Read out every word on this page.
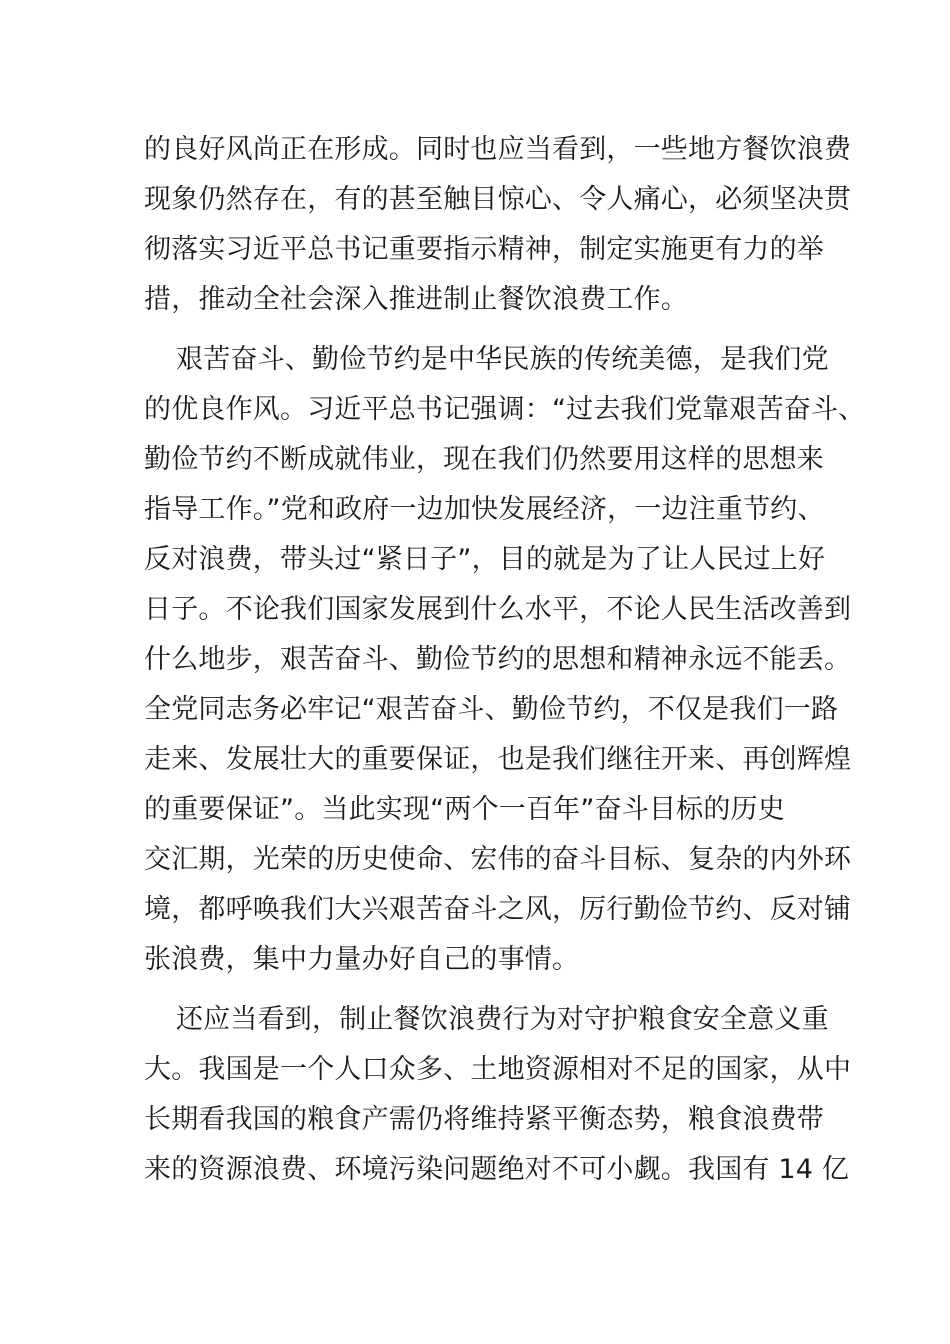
的良好风尚正在形成。同时也应当看到，一些地方餐饮浪费
现象仍然存在，有的甚至触目惊心、令人痛心，必须坚决贯
彻落实习近平总书记重要指示精神，制定实施更有力的举
措，推动全社会深入推进制止餐饮浪费工作。
艰苦奋斗、勤俭节约是中华民族的传统美德，是我们党
的优良作风。习近平总书记强调：“过去我们党靠艰苦奋斗、
勤俭节约不断成就伟业，现在我们仍然要用这样的思想来
指导工作。”党和政府一边加快发展经济，一边注重节约、
反对浪费，带头过“紧日子”，目的就是为了让人民过上好
日子。不论我们国家发展到什么水平，不论人民生活改善到
什么地步，艰苦奋斗、勤俭节约的思想和精神永远不能丢。
全党同志务必牢记“艰苦奋斗、勤俭节约，不仅是我们一路
走来、发展壮大的重要保证，也是我们继往开来、再创辉煌
的重要保证”。当此实现“两个一百年”奋斗目标的历史
交汇期，光荣的历史使命、宏伟的奋斗目标、复杂的内外环
境，都呼唤我们大兴艰苦奋斗之风，厉行勤俭节约、反对铺
张浪费，集中力量办好自己的事情。
还应当看到，制止餐饮浪费行为对守护粮食安全意义重
大。我国是一个人口众多、土地资源相对不足的国家，从中
长期看我国的粮食产需仍将维持紧平衡态势，粮食浪费带
来的资源浪费、环境污染问题绝对不可小觑。我国有 14 亿
